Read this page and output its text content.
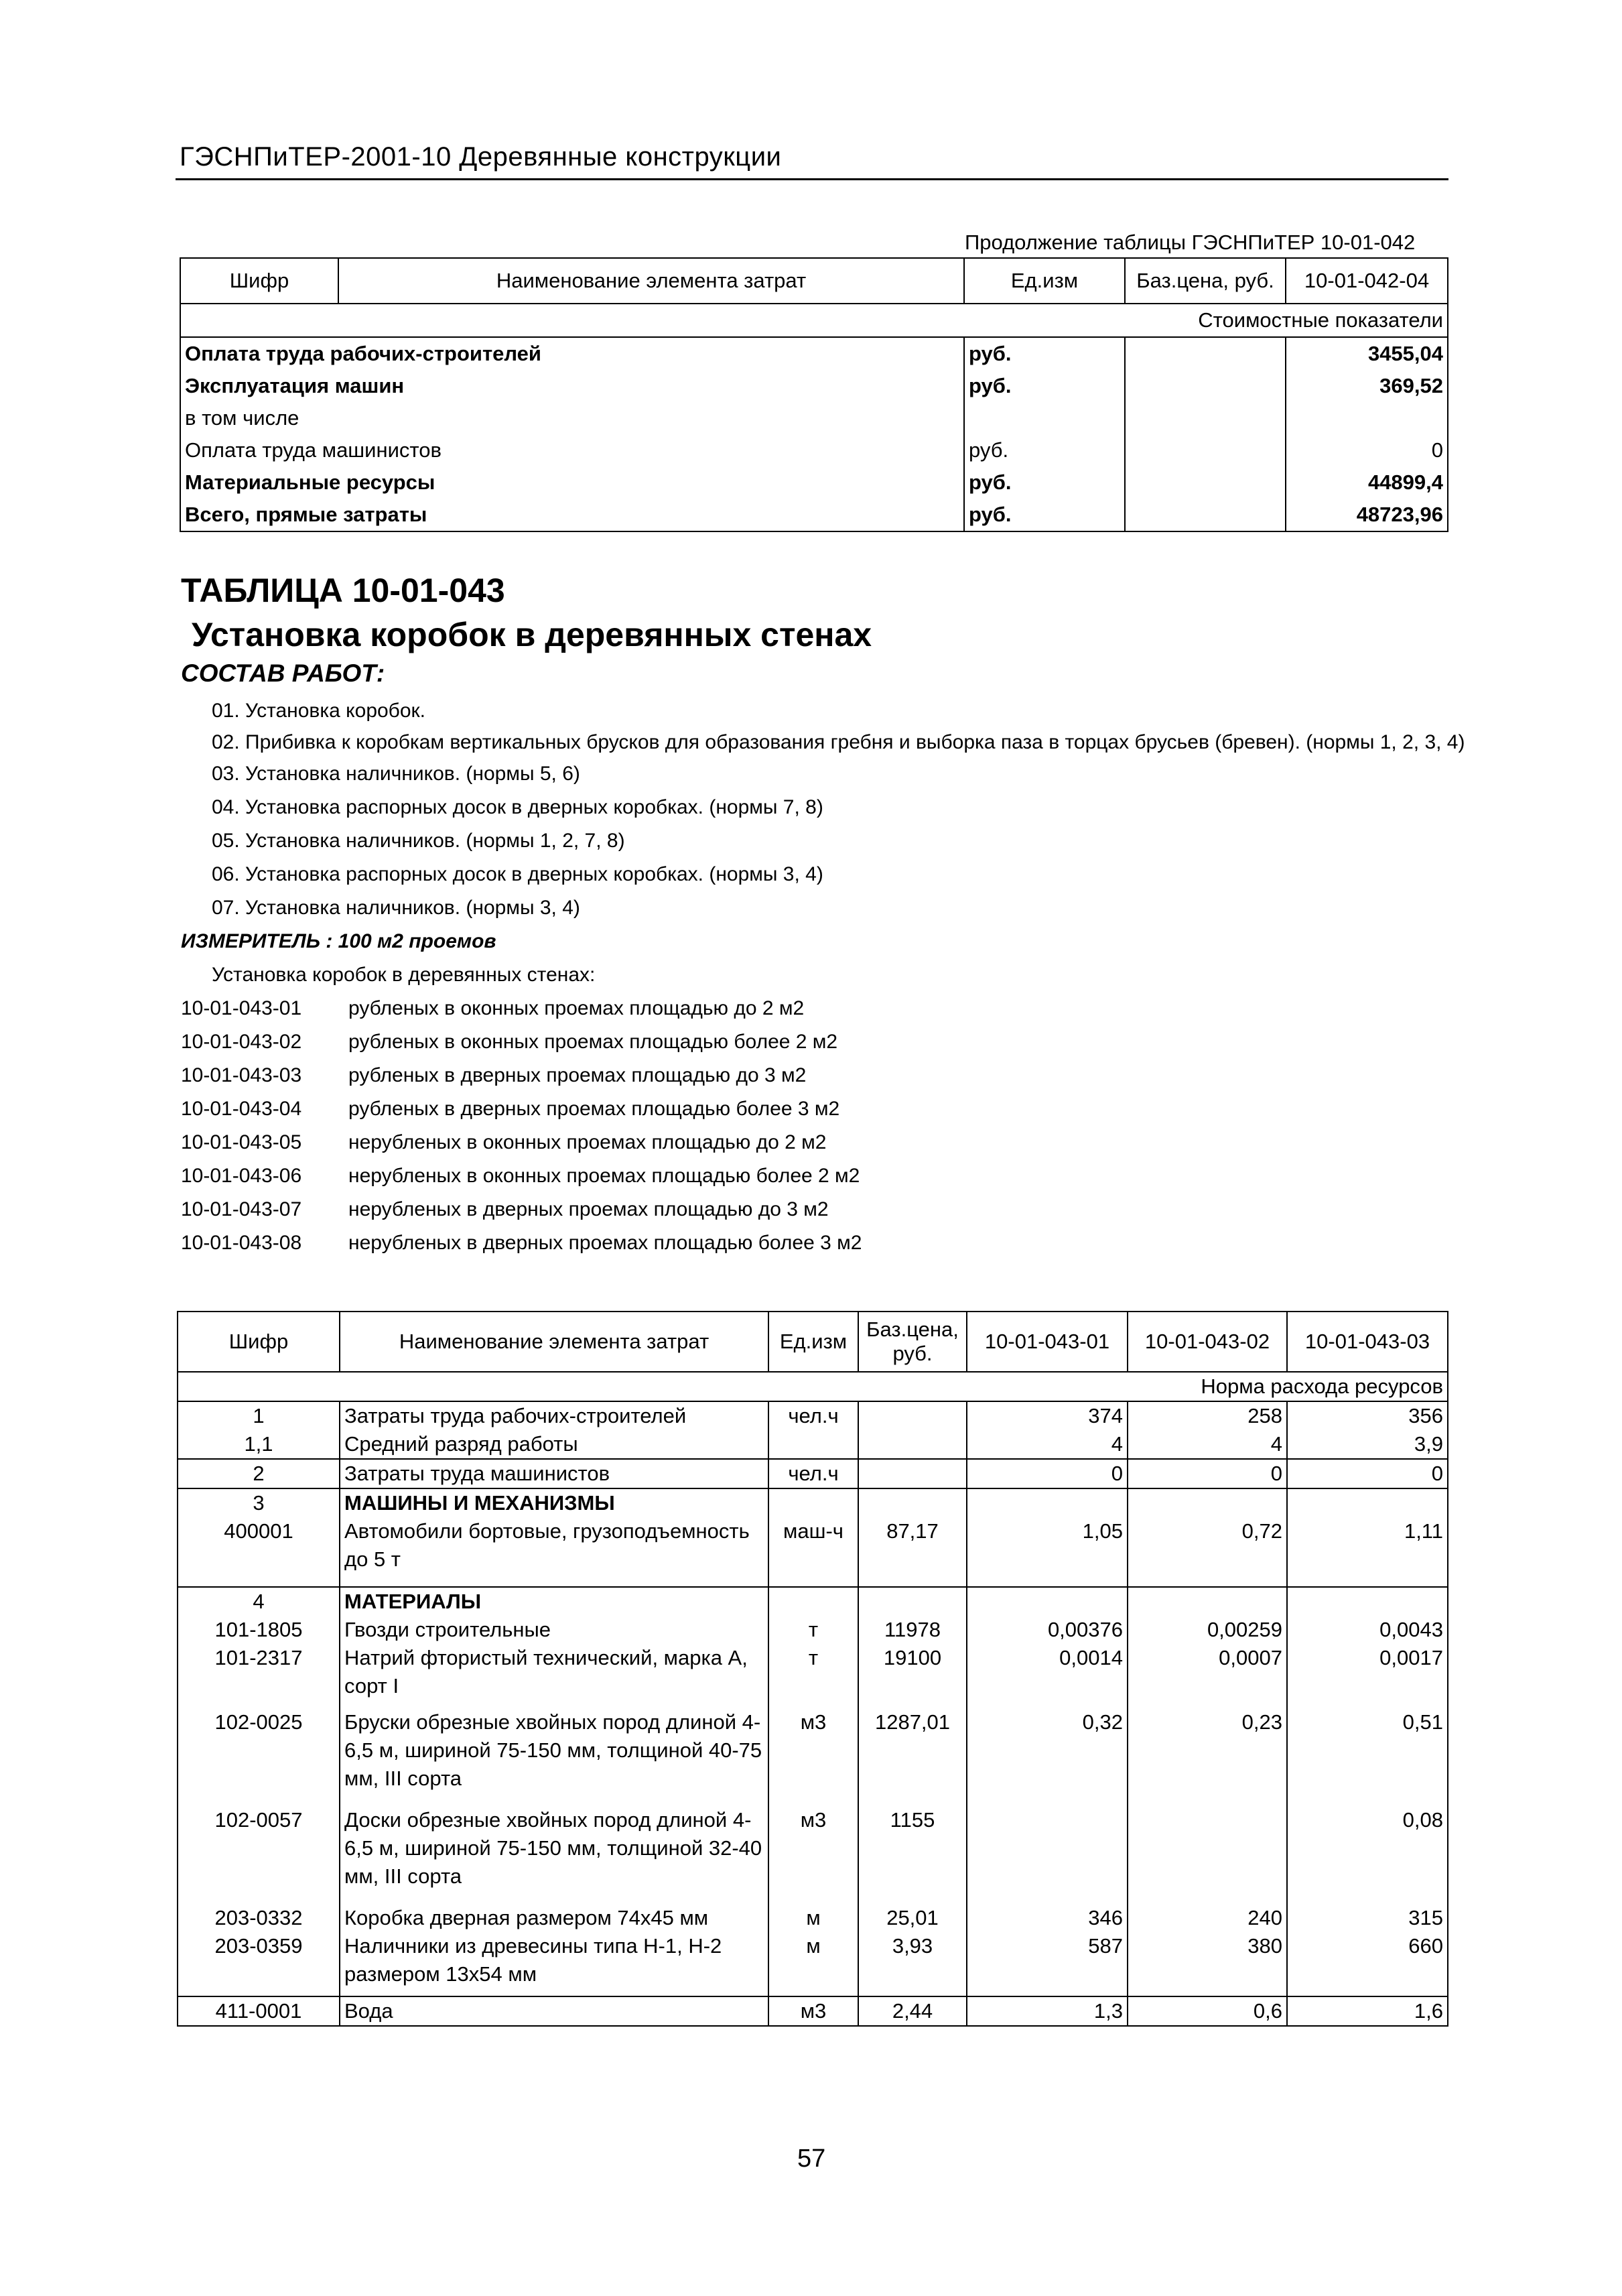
ГЭСНПиТЕР-2001-10 Деревянные конструкции
Продолжение таблицы ГЭСНПиТЕР 10-01-042
Шифр	Наименование элемента затрат	Ед.изм	Баз.цена, руб.	10-01-042-04
Стоимостные показатели				
Оплата труда рабочих-строителей		руб.		3455,04
Эксплуатация машин		руб.		369,52
в том числе				
Оплата труда машинистов		руб.		0
Материальные ресурсы		руб.		44899,4
Всего, прямые затраты		руб.		48723,96
ТАБЛИЦА 10-01-043
Установка коробок в деревянных стенах
СОСТАВ РАБОТ:
01. Установка коробок.
02. Прибивка к коробкам вертикальных брусков для образования гребня и выборка паза в торцах брусьев (бревен). (нормы 1, 2, 3, 4)
03. Установка наличников. (нормы 5, 6)
04. Установка распорных досок в дверных коробках. (нормы 7, 8)
05. Установка наличников. (нормы 1, 2, 7, 8)
06. Установка распорных досок в дверных коробках. (нормы 3, 4)
07. Установка наличников. (нормы 3, 4)
ИЗМЕРИТЕЛЬ : 100 м2 проемов
Установка коробок в деревянных стенах:
10-01-043-01	рубленых в оконных проемах площадью до 2 м2
10-01-043-02	рубленых в оконных проемах площадью более 2 м2
10-01-043-03	рубленых в дверных проемах площадью до 3 м2
10-01-043-04	рубленых в дверных проемах площадью более 3 м2
10-01-043-05	нерубленых в оконных проемах площадью до 2 м2
10-01-043-06	нерубленых в оконных проемах площадью более 2 м2
10-01-043-07	нерубленых в дверных проемах площадью до 3 м2
10-01-043-08	нерубленых в дверных проемах площадью более 3 м2
Шифр	Наименование элемента затрат	Ед.изм	Баз.цена, руб.	10-01-043-01	10-01-043-02	10-01-043-03
Норма расхода ресурсов						
1	Затраты труда рабочих-строителей	чел.ч		374	258	356
1,1	Средний разряд работы			4	4	3,9
2	Затраты труда машинистов	чел.ч		0	0	0
3	МАШИНЫ И МЕХАНИЗМЫ					
400001	Автомобили бортовые, грузоподъемность до 5 т	маш-ч	87,17	1,05	0,72	1,11
4	МАТЕРИАЛЫ					
101-1805	Гвозди строительные	т	11978	0,00376	0,00259	0,0043
101-2317	Натрий фтористый технический, марка А, сорт I	т	19100	0,0014	0,0007	0,0017
102-0025	Бруски обрезные хвойных пород длиной 4-6,5 м, шириной 75-150 мм, толщиной 40-75 мм, III сорта	м3	1287,01	0,32	0,23	0,51
102-0057	Доски обрезные хвойных пород длиной 4-6,5 м, шириной 75-150 мм, толщиной 32-40 мм, III сорта	м3	1155			0,08
203-0332	Коробка дверная размером 74х45 мм	м	25,01	346	240	315
203-0359	Наличники из древесины типа Н-1, Н-2 размером 13х54 мм	м	3,93	587	380	660
411-0001	Вода	м3	2,44	1,3	0,6	1,6
57
